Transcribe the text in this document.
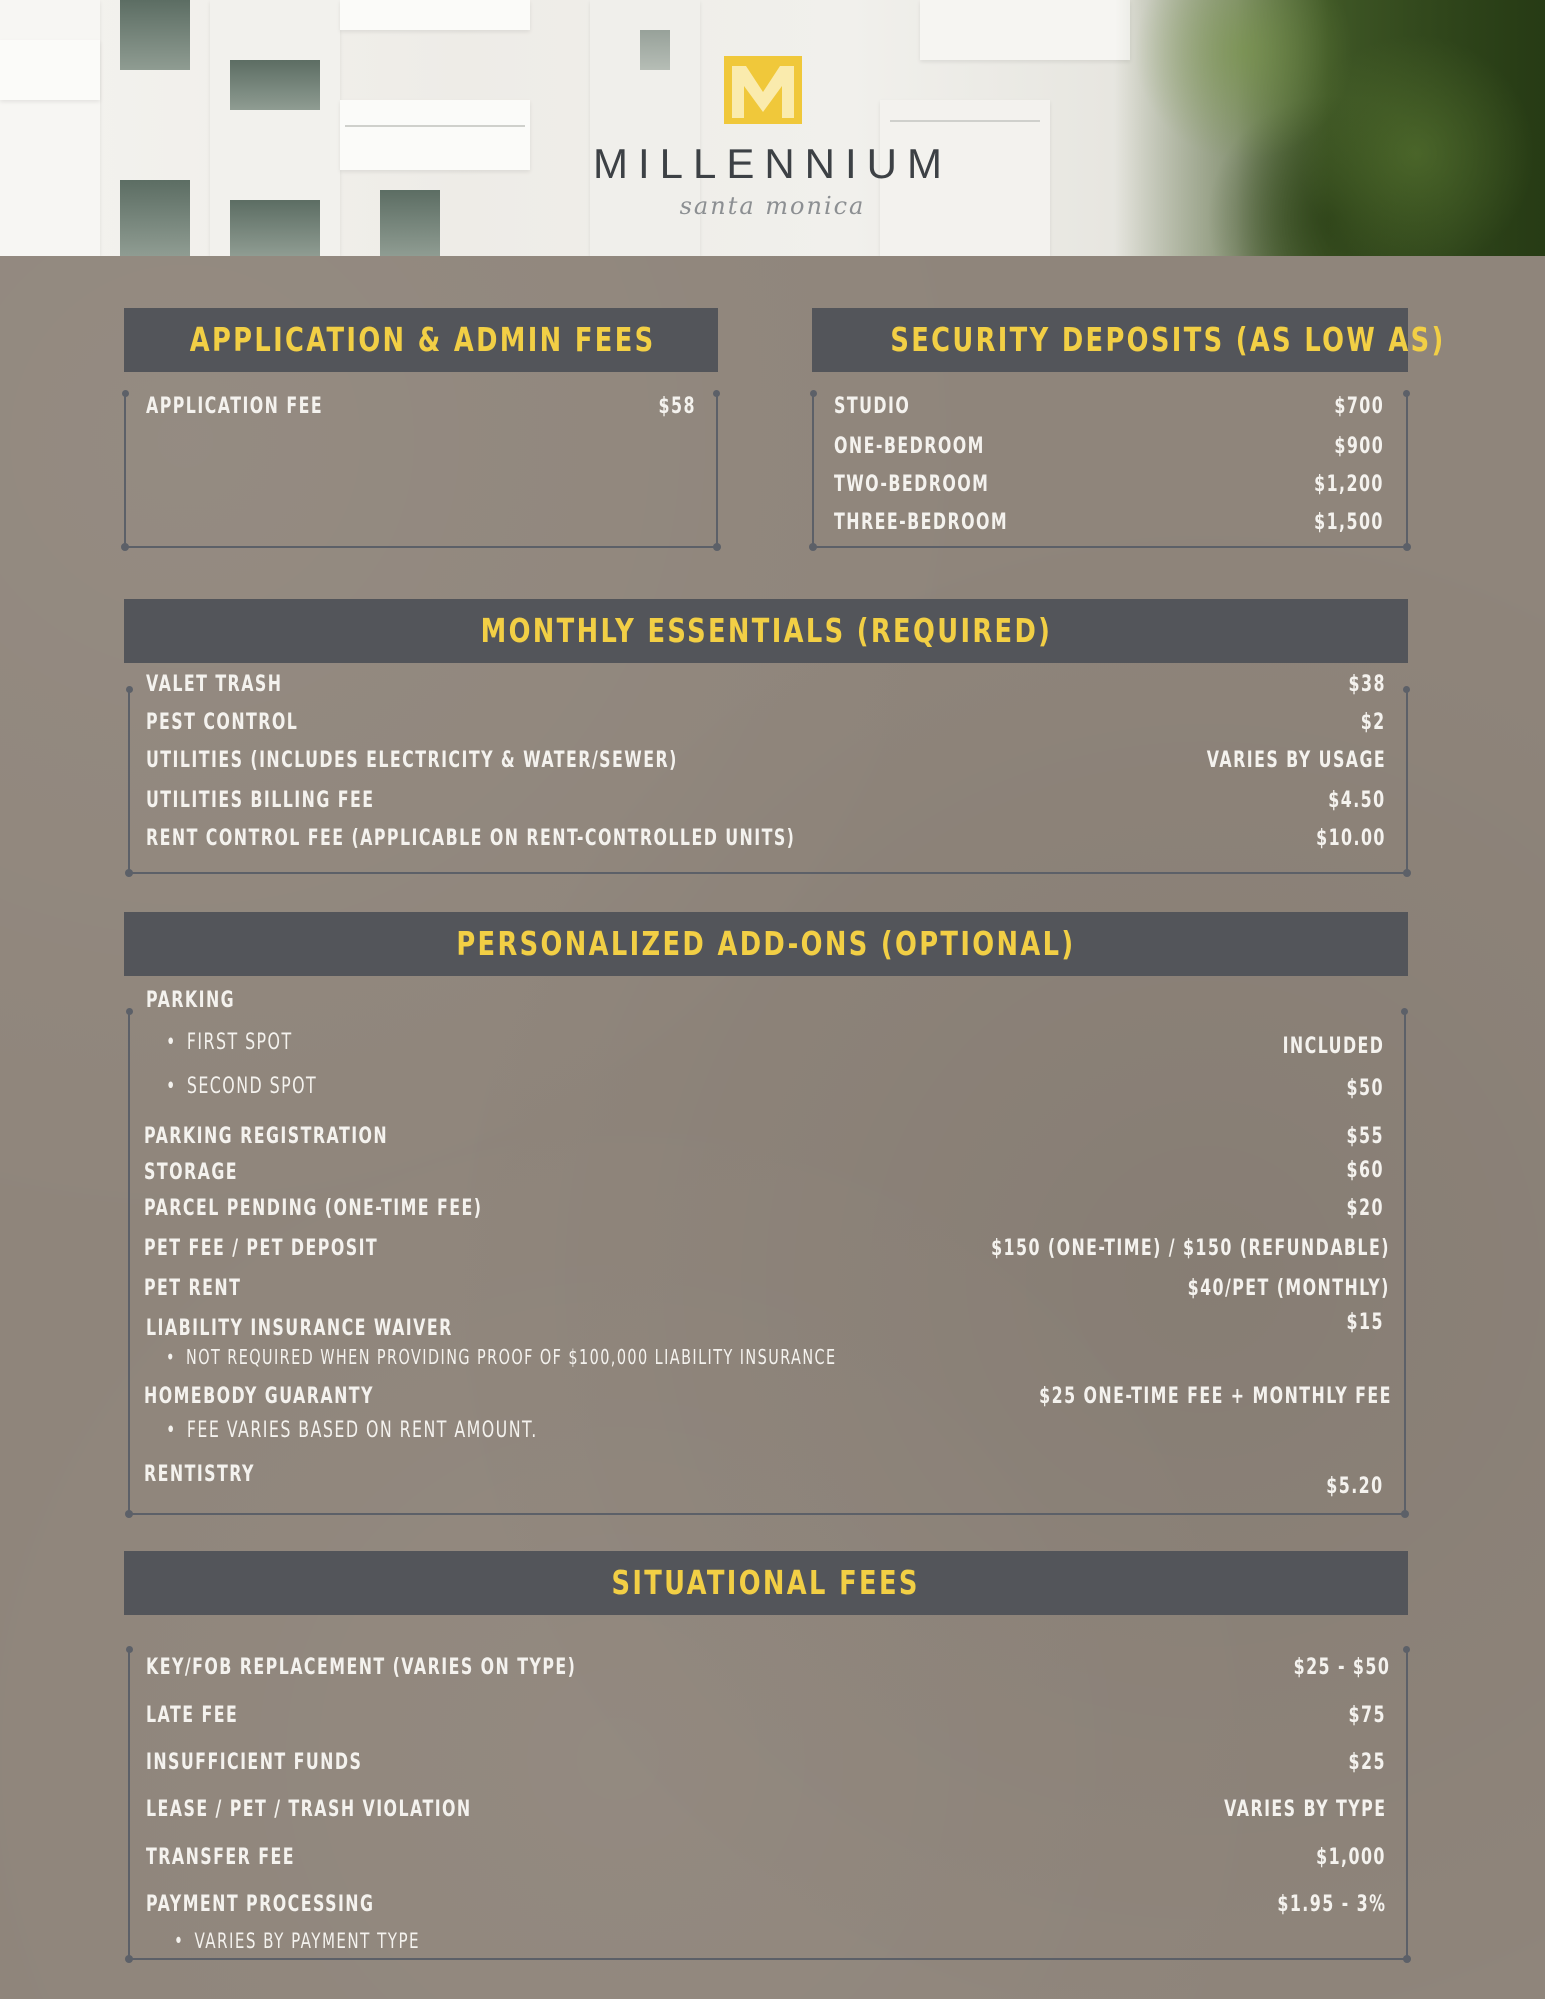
MILLENNIUM
santa monica
APPLICATION & ADMIN FEES
APPLICATION FEE	$58
SECURITY DEPOSITS (AS LOW AS)
STUDIO	$700
ONE-BEDROOM	$900
TWO-BEDROOM	$1,200
THREE-BEDROOM	$1,500
MONTHLY ESSENTIALS (REQUIRED)
VALET TRASH	$38
PEST CONTROL	$2
UTILITIES (INCLUDES ELECTRICITY & WATER/SEWER)	VARIES BY USAGE
UTILITIES BILLING FEE	$4.50
RENT CONTROL FEE (APPLICABLE ON RENT-CONTROLLED UNITS)	$10.00
PERSONALIZED ADD-ONS (OPTIONAL)
PARKING
• FIRST SPOT	INCLUDED
• SECOND SPOT	$50
PARKING REGISTRATION	$55
STORAGE	$60
PARCEL PENDING (ONE-TIME FEE)	$20
PET FEE / PET DEPOSIT	$150 (ONE-TIME) / $150 (REFUNDABLE)
PET RENT	$40/PET (MONTHLY)
LIABILITY INSURANCE WAIVER	$15
• NOT REQUIRED WHEN PROVIDING PROOF OF $100,000 LIABILITY INSURANCE
HOMEBODY GUARANTY	$25 ONE-TIME FEE + MONTHLY FEE
• FEE VARIES BASED ON RENT AMOUNT.
RENTISTRY	$5.20
SITUATIONAL FEES
KEY/FOB REPLACEMENT (VARIES ON TYPE)	$25 - $50
LATE FEE	$75
INSUFFICIENT FUNDS	$25
LEASE / PET / TRASH VIOLATION	VARIES BY TYPE
TRANSFER FEE	$1,000
PAYMENT PROCESSING	$1.95 - 3%
• VARIES BY PAYMENT TYPE
